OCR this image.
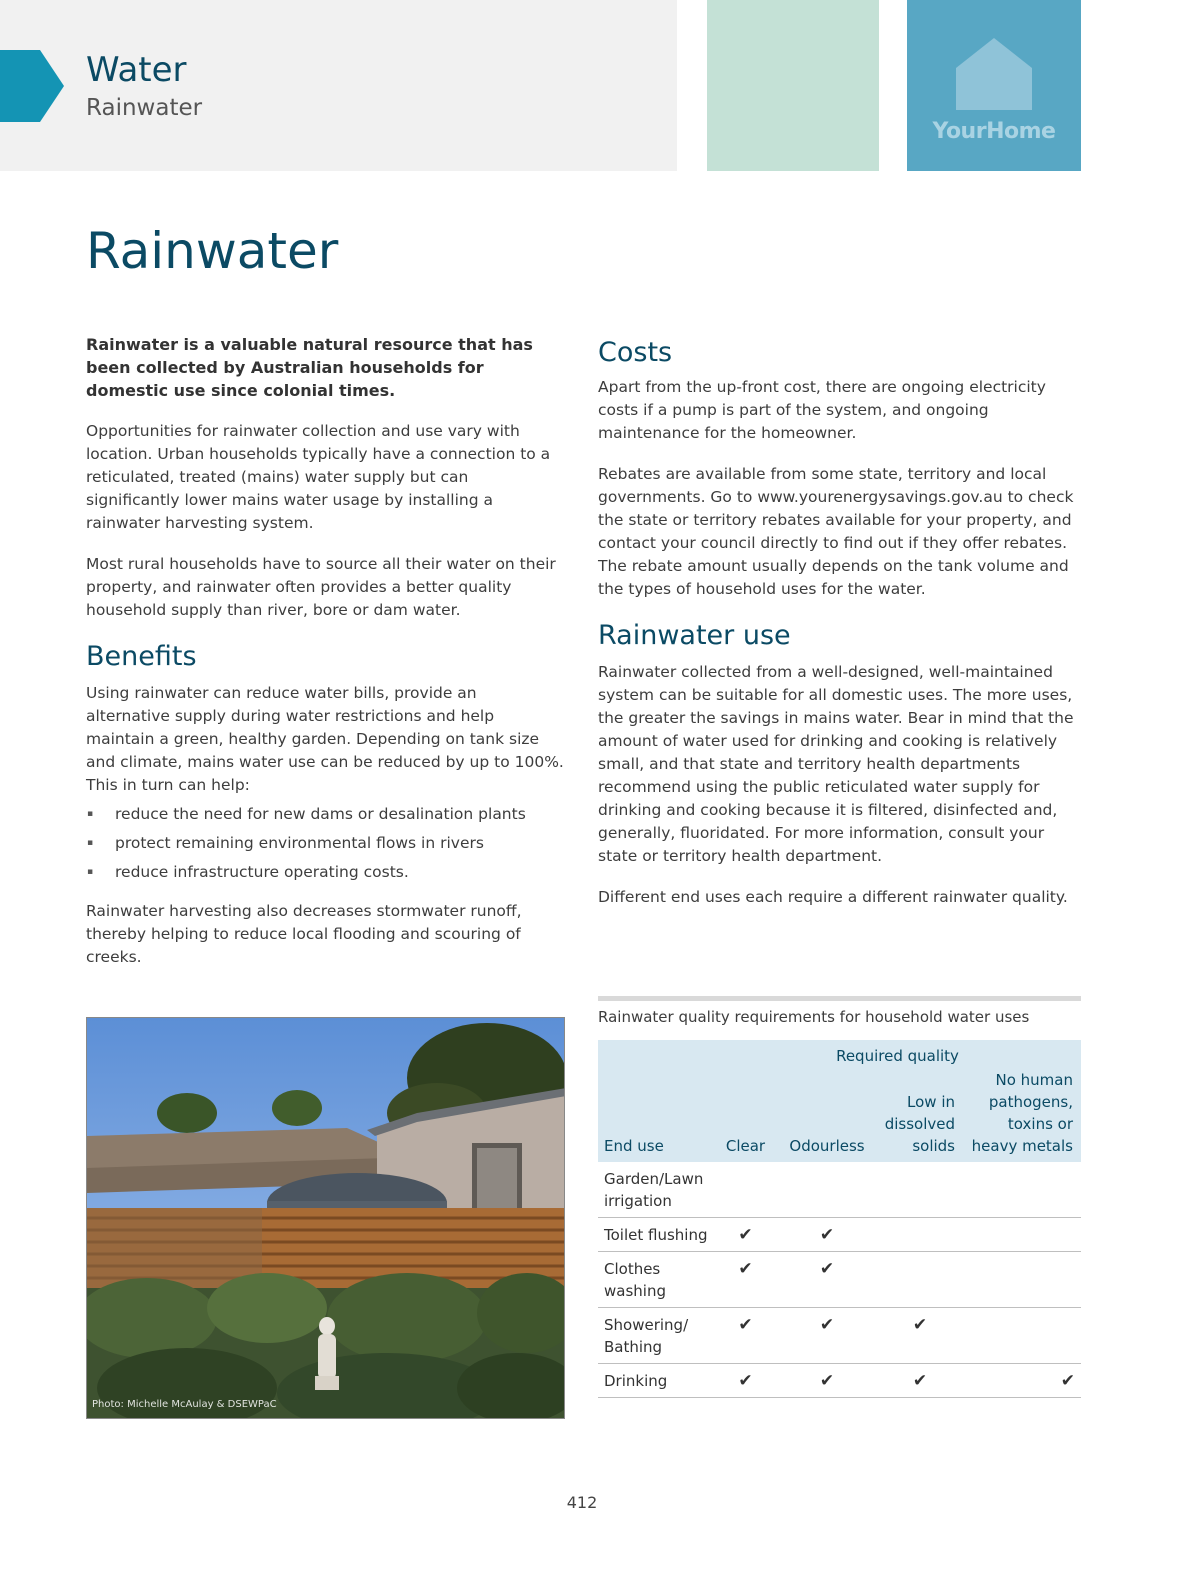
Water
Rainwater
YourHome
Rainwater

Rainwater is a valuable natural resource that has been collected by Australian households for domestic use since colonial times.

Opportunities for rainwater collection and use vary with location. Urban households typically have a connection to a reticulated, treated (mains) water supply but can significantly lower mains water usage by installing a rainwater harvesting system.

Most rural households have to source all their water on their property, and rainwater often provides a better quality household supply than river, bore or dam water.

Benefits

Using rainwater can reduce water bills, provide an alternative supply during water restrictions and help maintain a green, healthy garden. Depending on tank size and climate, mains water use can be reduced by up to 100%. This in turn can help:

▪ reduce the need for new dams or desalination plants
▪ protect remaining environmental flows in rivers
▪ reduce infrastructure operating costs.

Rainwater harvesting also decreases stormwater runoff, thereby helping to reduce local flooding and scouring of creeks.

Photo: Michelle McAulay & DSEWPaC
Costs

Apart from the up-front cost, there are ongoing electricity costs if a pump is part of the system, and ongoing maintenance for the homeowner.

Rebates are available from some state, territory and local governments. Go to www.yourenergysavings.gov.au to check the state or territory rebates available for your property, and contact your council directly to find out if they offer rebates. The rebate amount usually depends on the tank volume and the types of household uses for the water.

Rainwater use

Rainwater collected from a well-designed, well-maintained system can be suitable for all domestic uses. The more uses, the greater the savings in mains water. Bear in mind that the amount of water used for drinking and cooking is relatively small, and that state and territory health departments recommend using the public reticulated water supply for drinking and cooking because it is filtered, disinfected and, generally, fluoridated. For more information, consult your state or territory health department.

Different end uses each require a different rainwater quality.

Rainwater quality requirements for household water uses
	Required quality			
End use	Clear	Odourless	Low in dissolved solids	No human pathogens, toxins or heavy metals
Garden/Lawn irrigation				
Toilet flushing	✔	✔		
Clothes washing	✔	✔		
Showering/ Bathing	✔	✔	✔	
Drinking	✔	✔	✔	✔
412
